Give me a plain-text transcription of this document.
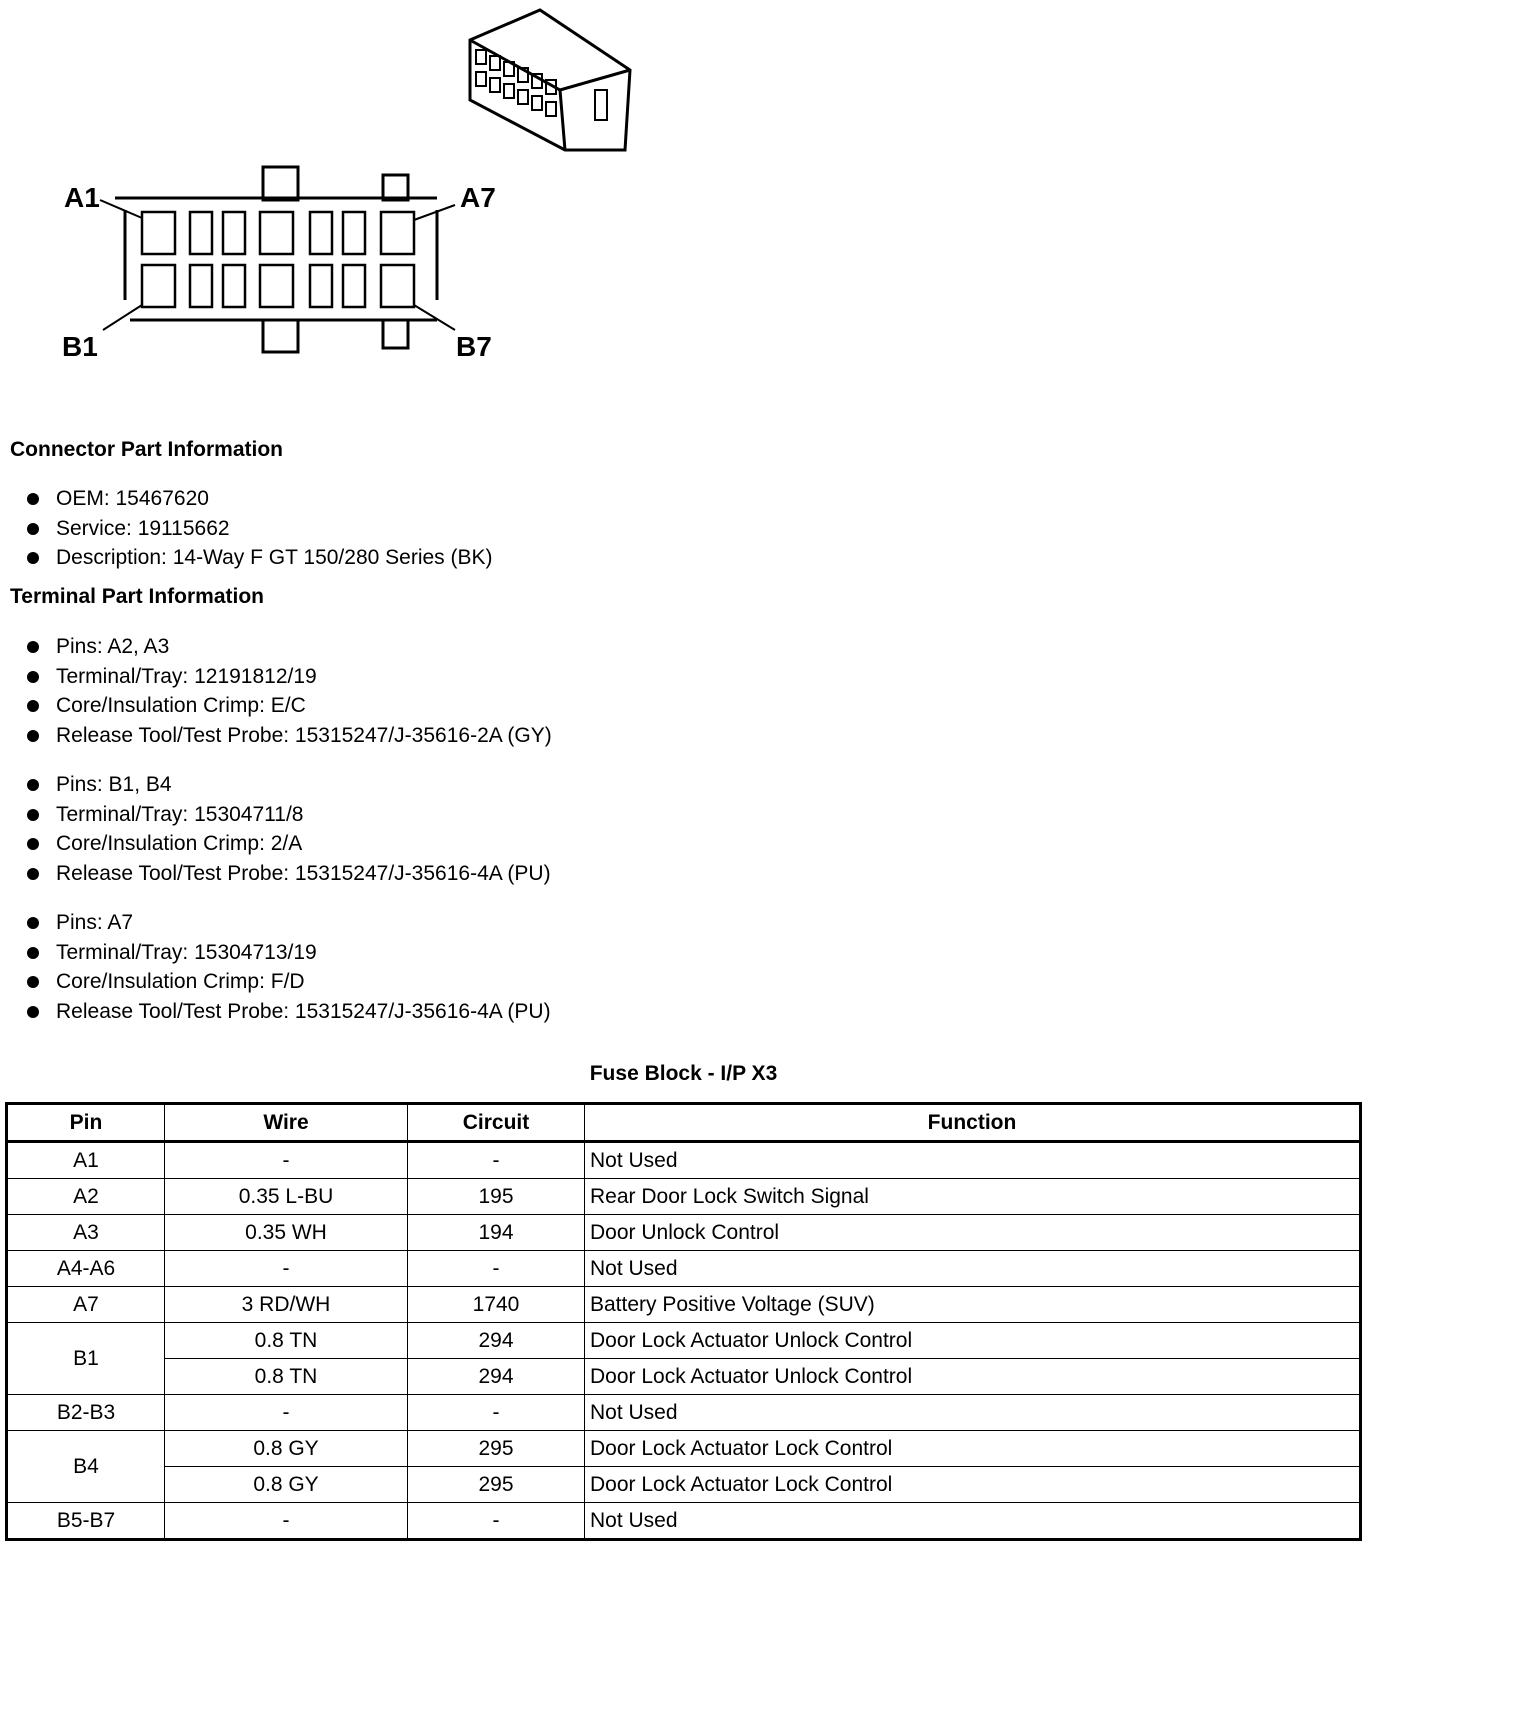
A1	A7
B1	B7
Connector Part Information
OEM: 15467620
Service: 19115662
Description: 14-Way F GT 150/280 Series (BK)
Terminal Part Information
Pins: A2, A3
Terminal/Tray: 12191812/19
Core/Insulation Crimp: E/C
Release Tool/Test Probe: 15315247/J-35616-2A (GY)
Pins: B1, B4
Terminal/Tray: 15304711/8
Core/Insulation Crimp: 2/A
Release Tool/Test Probe: 15315247/J-35616-4A (PU)
Pins: A7
Terminal/Tray: 15304713/19
Core/Insulation Crimp: F/D
Release Tool/Test Probe: 15315247/J-35616-4A (PU)
Fuse Block - I/P X3
Pin	Wire	Circuit	Function
A1	-	-	Not Used
A2	0.35 L-BU	195	Rear Door Lock Switch Signal
A3	0.35 WH	194	Door Unlock Control
A4-A6	-	-	Not Used
A7	3 RD/WH	1740	Battery Positive Voltage (SUV)
B1	0.8 TN	294	Door Lock Actuator Unlock Control
	0.8 TN	294	Door Lock Actuator Unlock Control
B2-B3	-	-	Not Used
B4	0.8 GY	295	Door Lock Actuator Lock Control
	0.8 GY	295	Door Lock Actuator Lock Control
B5-B7	-	-	Not Used
